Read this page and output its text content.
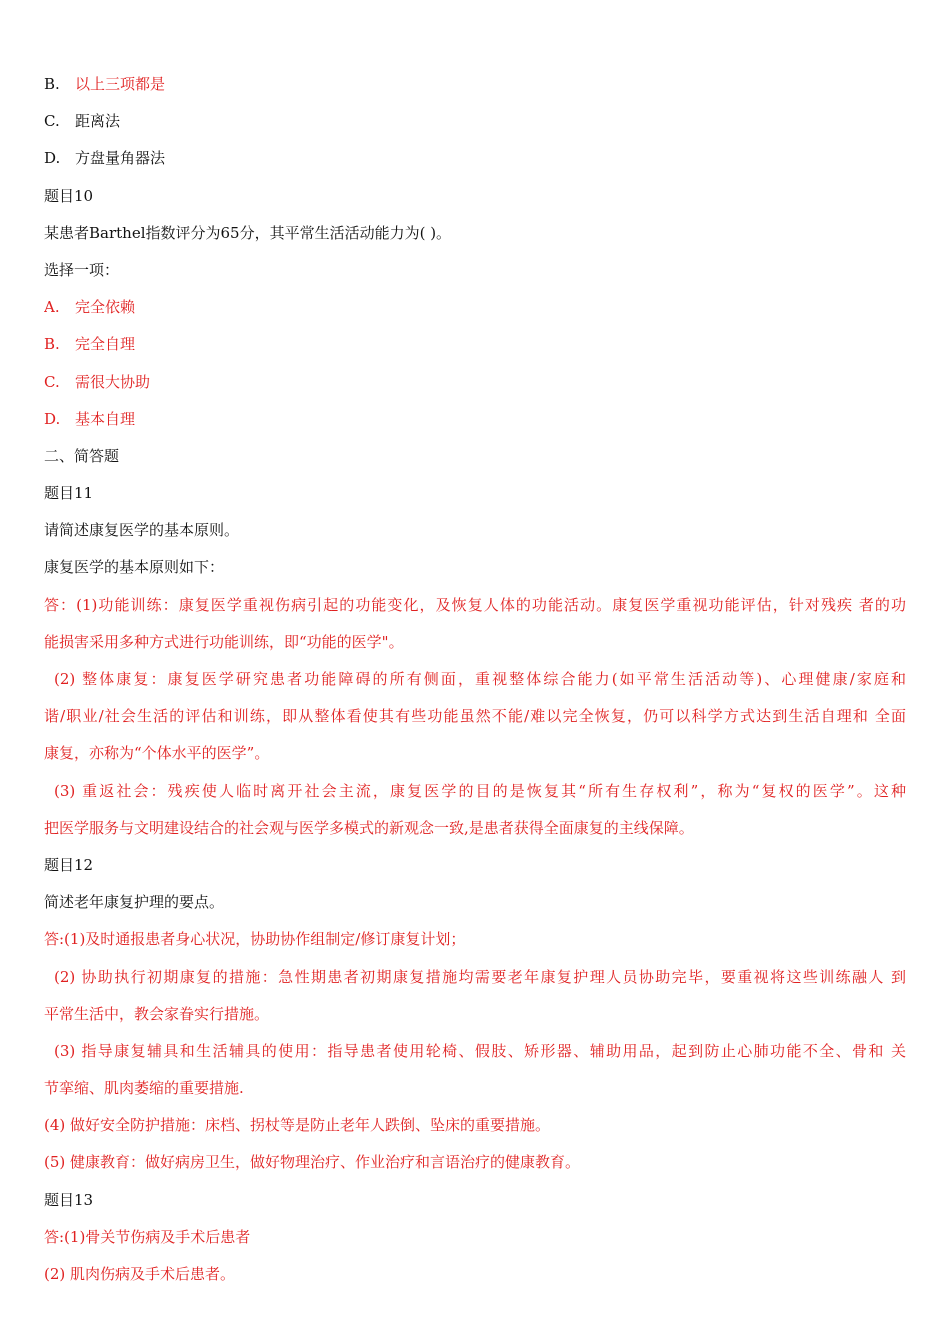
B. 以上三项都是
C. 距离法
D. 方盘量角器法
题目10
某患者Barthel指数评分为65分，其平常生活活动能力为( )。
选择一项：
A. 完全依赖
B. 完全自理
C. 需很大协助
D. 基本自理
二、简答题
题目11
请简述康复医学的基本原则。
康复医学的基本原则如下：
答：(1)功能训练：康复医学重视伤病引起的功能变化，及恢复人体的功能活动。康复医学重视功能评估，针对残疾 者的功
能损害采用多种方式进行功能训练，即“功能的医学"。
(2) 整体康复：康复医学研究患者功能障碍的所有侧面，重视整体综合能力(如平常生活活动等)、心理健康/家庭和
谐/职业/社会生活的评估和训练，即从整体看使其有些功能虽然不能/难以完全恢复，仍可以科学方式达到生活自理和 全面
康复，亦称为“个体水平的医学”。
(3) 重返社会：残疾使人临时离开社会主流，康复医学的目的是恢复其“所有生存权利”，称为“复权的医学”。这种
把医学服务与文明建设结合的社会观与医学多模式的新观念一致,是患者获得全面康复的主线保障。
题目12
简述老年康复护理的要点。
答:(1)及时通报患者身心状况，协助协作组制定/修订康复计划；
(2) 协助执行初期康复的措施：急性期患者初期康复措施均需要老年康复护理人员协助完毕，要重视将这些训练融人 到
平常生活中，教会家眷实行措施。
(3) 指导康复辅具和生活辅具的使用：指导患者使用轮椅、假肢、矫形器、辅助用品，起到防止心肺功能不全、骨和 关
节挛缩、肌肉萎缩的重要措施.
(4) 做好安全防护措施：床档、拐杖等是防止老年人跌倒、坠床的重要措施。
(5) 健康教育：做好病房卫生，做好物理治疗、作业治疗和言语治疗的健康教育。
题目13
答:(1)骨关节伤病及手术后患者
(2) 肌肉伤病及手术后患者。
